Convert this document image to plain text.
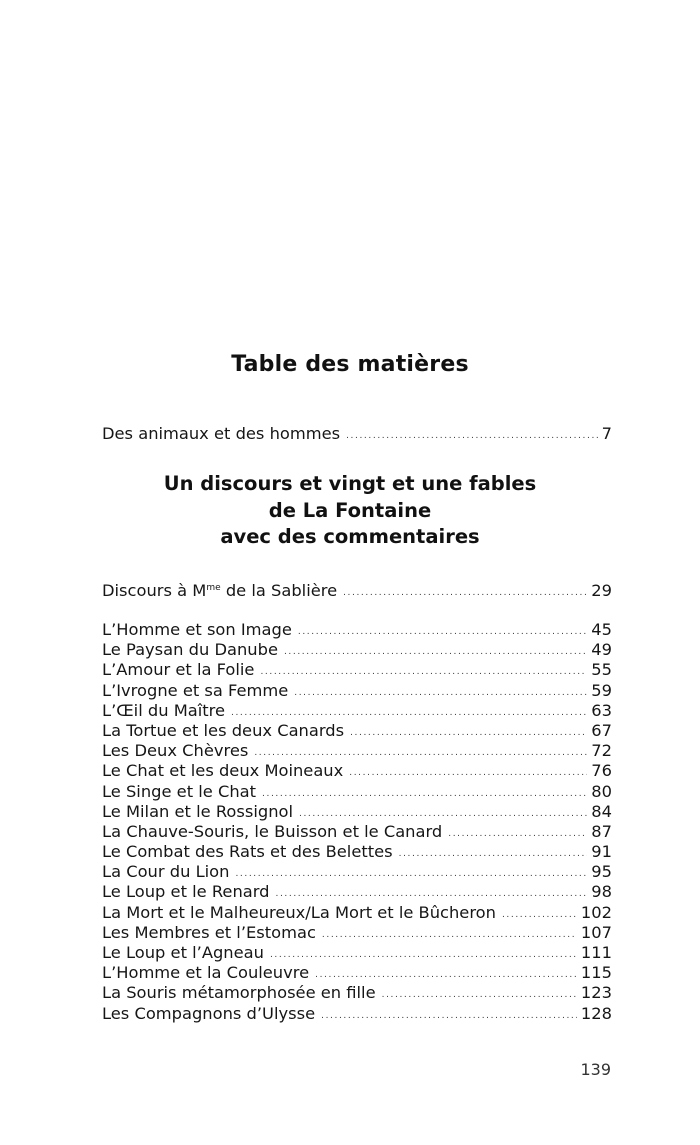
Table des matières
Des animaux et des hommes .....	7
Un discours et vingt et une fables
de La Fontaine
avec des commentaires
Discours à $M^{me}$ de la Sablière .....	29
L’Homme et son Image .....	45
Le Paysan du Danube .....	49
L’Amour et la Folie .....	55
L’Ivrogne et sa Femme .....	59
L’Œil du Maître .....	63
La Tortue et les deux Canards .....	67
Les Deux Chèvres .....	72
Le Chat et les deux Moineaux .....	76
Le Singe et le Chat .....	80
Le Milan et le Rossignol .....	84
La Chauve-Souris, le Buisson et le Canard .....	87
Le Combat des Rats et des Belettes .....	91
La Cour du Lion .....	95
Le Loup et le Renard .....	98
La Mort et le Malheureux/La Mort et le Bûcheron .....	102
Les Membres et l’Estomac .....	107
Le Loup et l’Agneau .....	111
L’Homme et la Couleuvre .....	115
La Souris métamorphosée en fille .....	123
Les Compagnons d’Ulysse .....	128
139
